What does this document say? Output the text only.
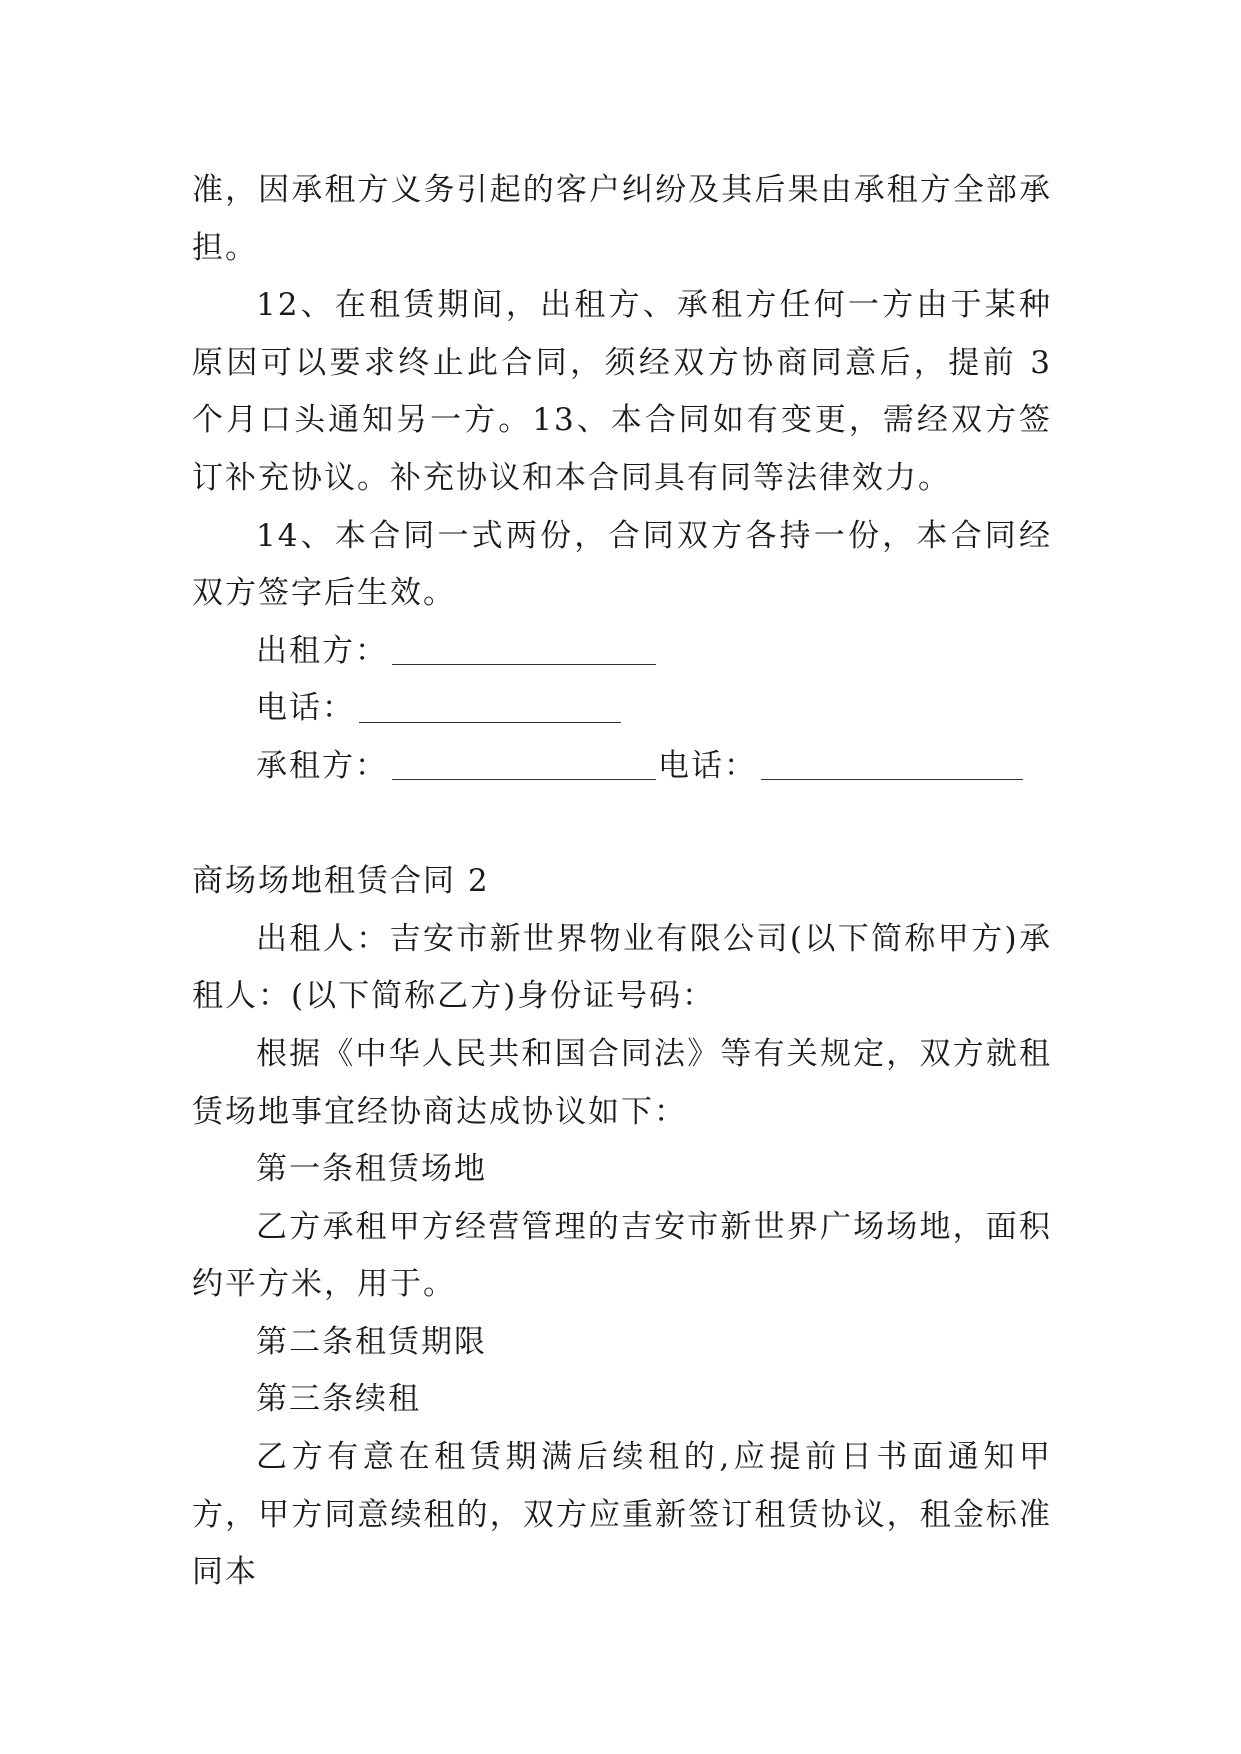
准，因承租方义务引起的客户纠纷及其后果由承租方全部承担。

12、在租赁期间，出租方、承租方任何一方由于某种原因可以要求终止此合同，须经双方协商同意后，提前 3 个月口头通知另一方。13、本合同如有变更，需经双方签订补充协议。补充协议和本合同具有同等法律效力。

14、本合同一式两份，合同双方各持一份，本合同经双方签字后生效。

出租方：
电话：
承租方：	电话：

商场场地租赁合同 2

出租人：吉安市新世界物业有限公司(以下简称甲方)承租人：(以下简称乙方)身份证号码：

根据《中华人民共和国合同法》等有关规定，双方就租赁场地事宜经协商达成协议如下：

第一条租赁场地

乙方承租甲方经营管理的吉安市新世界广场场地，面积约平方米，用于。

第二条租赁期限

第三条续租

乙方有意在租赁期满后续租的,应提前日书面通知甲方，甲方同意续租的，双方应重新签订租赁协议，租金标准同本
